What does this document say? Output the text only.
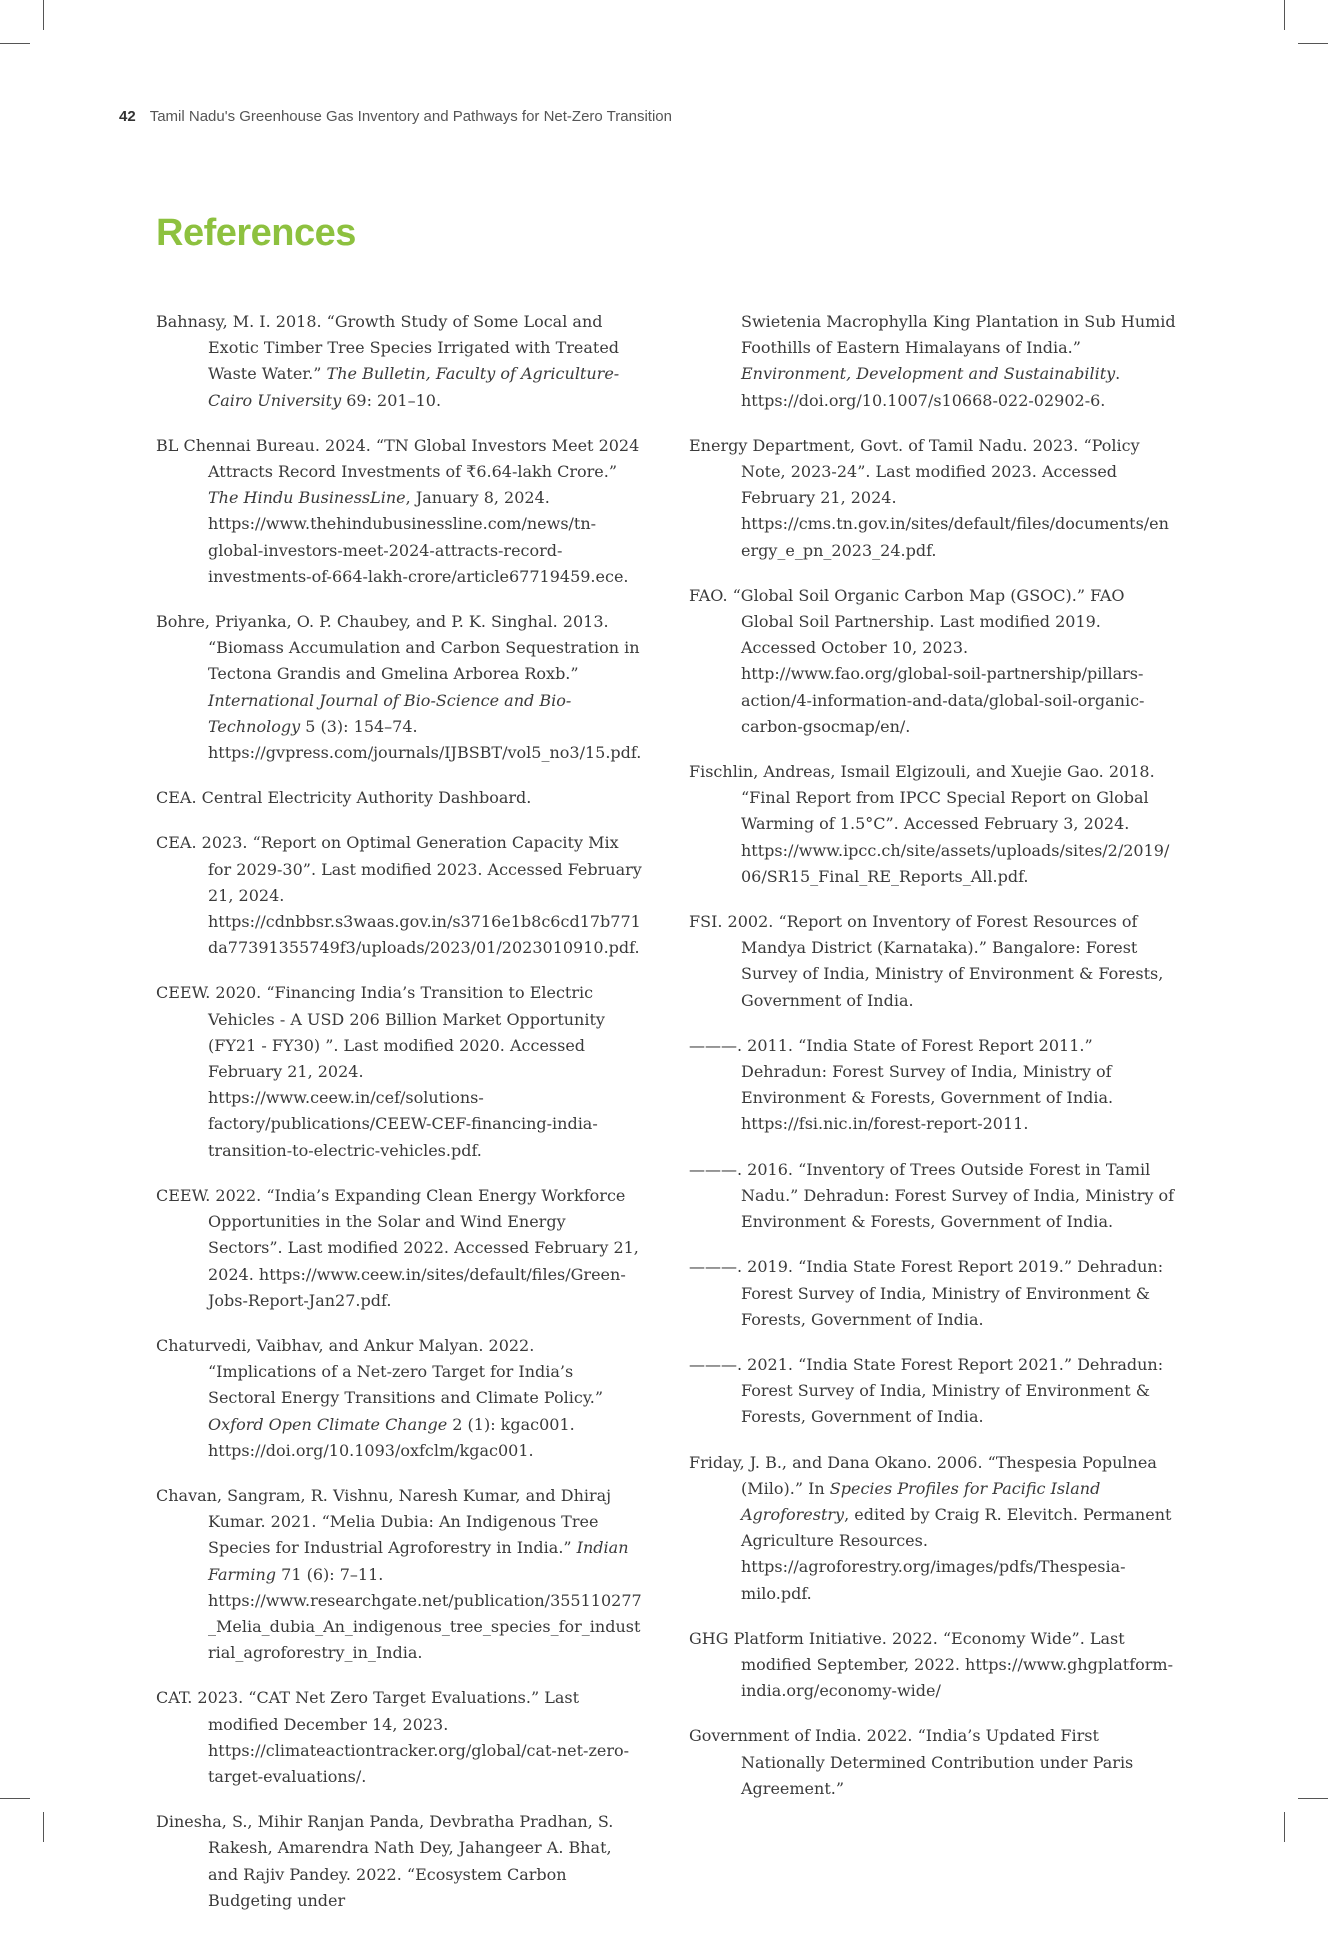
42 Tamil Nadu's Greenhouse Gas Inventory and Pathways for Net-Zero Transition
References

Bahnasy, M. I. 2018. “Growth Study of Some Local and Exotic Timber Tree Species Irrigated with Treated Waste Water.” The Bulletin, Faculty of Agriculture-Cairo University 69: 201–10.

BL Chennai Bureau. 2024. “TN Global Investors Meet 2024 Attracts Record Investments of ₹6.64-lakh Crore.” The Hindu BusinessLine, January 8, 2024. https://www.thehindubusinessline.com/news/tn-global-investors-meet-2024-attracts-record-investments-of-664-lakh-crore/article67719459.ece.

Bohre, Priyanka, O. P. Chaubey, and P. K. Singhal. 2013. “Biomass Accumulation and Carbon Sequestration in Tectona Grandis and Gmelina Arborea Roxb.” International Journal of Bio-Science and Bio-Technology 5 (3): 154–74. https://gvpress.com/journals/IJBSBT/vol5_no3/15.pdf.

CEA. Central Electricity Authority Dashboard.

CEA. 2023. “Report on Optimal Generation Capacity Mix for 2029-30”. Last modified 2023. Accessed February 21, 2024. https://cdnbbsr.s3waas.gov.in/s3716e1b8c6cd17b771da77391355749f3/uploads/2023/01/2023010910.pdf.

CEEW. 2020. “Financing India’s Transition to Electric Vehicles - A USD 206 Billion Market Opportunity (FY21 - FY30) ”. Last modified 2020. Accessed February 21, 2024. https://www.ceew.in/cef/solutions-factory/publications/CEEW-CEF-financing-india-transition-to-electric-vehicles.pdf.

CEEW. 2022. “India’s Expanding Clean Energy Workforce Opportunities in the Solar and Wind Energy Sectors”. Last modified 2022. Accessed February 21, 2024. https://www.ceew.in/sites/default/files/Green-Jobs-Report-Jan27.pdf.

Chaturvedi, Vaibhav, and Ankur Malyan. 2022. “Implications of a Net-zero Target for India’s Sectoral Energy Transitions and Climate Policy.” Oxford Open Climate Change 2 (1): kgac001. https://doi.org/10.1093/oxfclm/kgac001.

Chavan, Sangram, R. Vishnu, Naresh Kumar, and Dhiraj Kumar. 2021. “Melia Dubia: An Indigenous Tree Species for Industrial Agroforestry in India.” Indian Farming 71 (6): 7–11. https://www.researchgate.net/publication/355110277_Melia_dubia_An_indigenous_tree_species_for_industrial_agroforestry_in_India.

CAT. 2023. “CAT Net Zero Target Evaluations.” Last modified December 14, 2023. https://climateactiontracker.org/global/cat-net-zero-target-evaluations/.

Dinesha, S., Mihir Ranjan Panda, Devbratha Pradhan, S. Rakesh, Amarendra Nath Dey, Jahangeer A. Bhat, and Rajiv Pandey. 2022. “Ecosystem Carbon Budgeting under

Swietenia Macrophylla King Plantation in Sub Humid Foothills of Eastern Himalayans of India.” Environment, Development and Sustainability. https://doi.org/10.1007/s10668-022-02902-6.

Energy Department, Govt. of Tamil Nadu. 2023. “Policy Note, 2023-24”. Last modified 2023. Accessed February 21, 2024. https://cms.tn.gov.in/sites/default/files/documents/energy_e_pn_2023_24.pdf.

FAO. “Global Soil Organic Carbon Map (GSOC).” FAO Global Soil Partnership. Last modified 2019. Accessed October 10, 2023. http://www.fao.org/global-soil-partnership/pillars-action/4-information-and-data/global-soil-organic-carbon-gsocmap/en/.

Fischlin, Andreas, Ismail Elgizouli, and Xuejie Gao. 2018. “Final Report from IPCC Special Report on Global Warming of 1.5°C”. Accessed February 3, 2024. https://www.ipcc.ch/site/assets/uploads/sites/2/2019/06/SR15_Final_RE_Reports_All.pdf.

FSI. 2002. “Report on Inventory of Forest Resources of Mandya District (Karnataka).” Bangalore: Forest Survey of India, Ministry of Environment & Forests, Government of India.

———. 2011. “India State of Forest Report 2011.” Dehradun: Forest Survey of India, Ministry of Environment & Forests, Government of India. https://fsi.nic.in/forest-report-2011.

———. 2016. “Inventory of Trees Outside Forest in Tamil Nadu.” Dehradun: Forest Survey of India, Ministry of Environment & Forests, Government of India.

———. 2019. “India State Forest Report 2019.” Dehradun: Forest Survey of India, Ministry of Environment & Forests, Government of India.

———. 2021. “India State Forest Report 2021.” Dehradun: Forest Survey of India, Ministry of Environment & Forests, Government of India.

Friday, J. B., and Dana Okano. 2006. “Thespesia Populnea (Milo).” In Species Profiles for Pacific Island Agroforestry, edited by Craig R. Elevitch. Permanent Agriculture Resources. https://agroforestry.org/images/pdfs/Thespesia-milo.pdf.

GHG Platform Initiative. 2022. “Economy Wide”. Last modified September, 2022. https://www.ghgplatform-india.org/economy-wide/

Government of India. 2022. “India’s Updated First Nationally Determined Contribution under Paris Agreement.”
